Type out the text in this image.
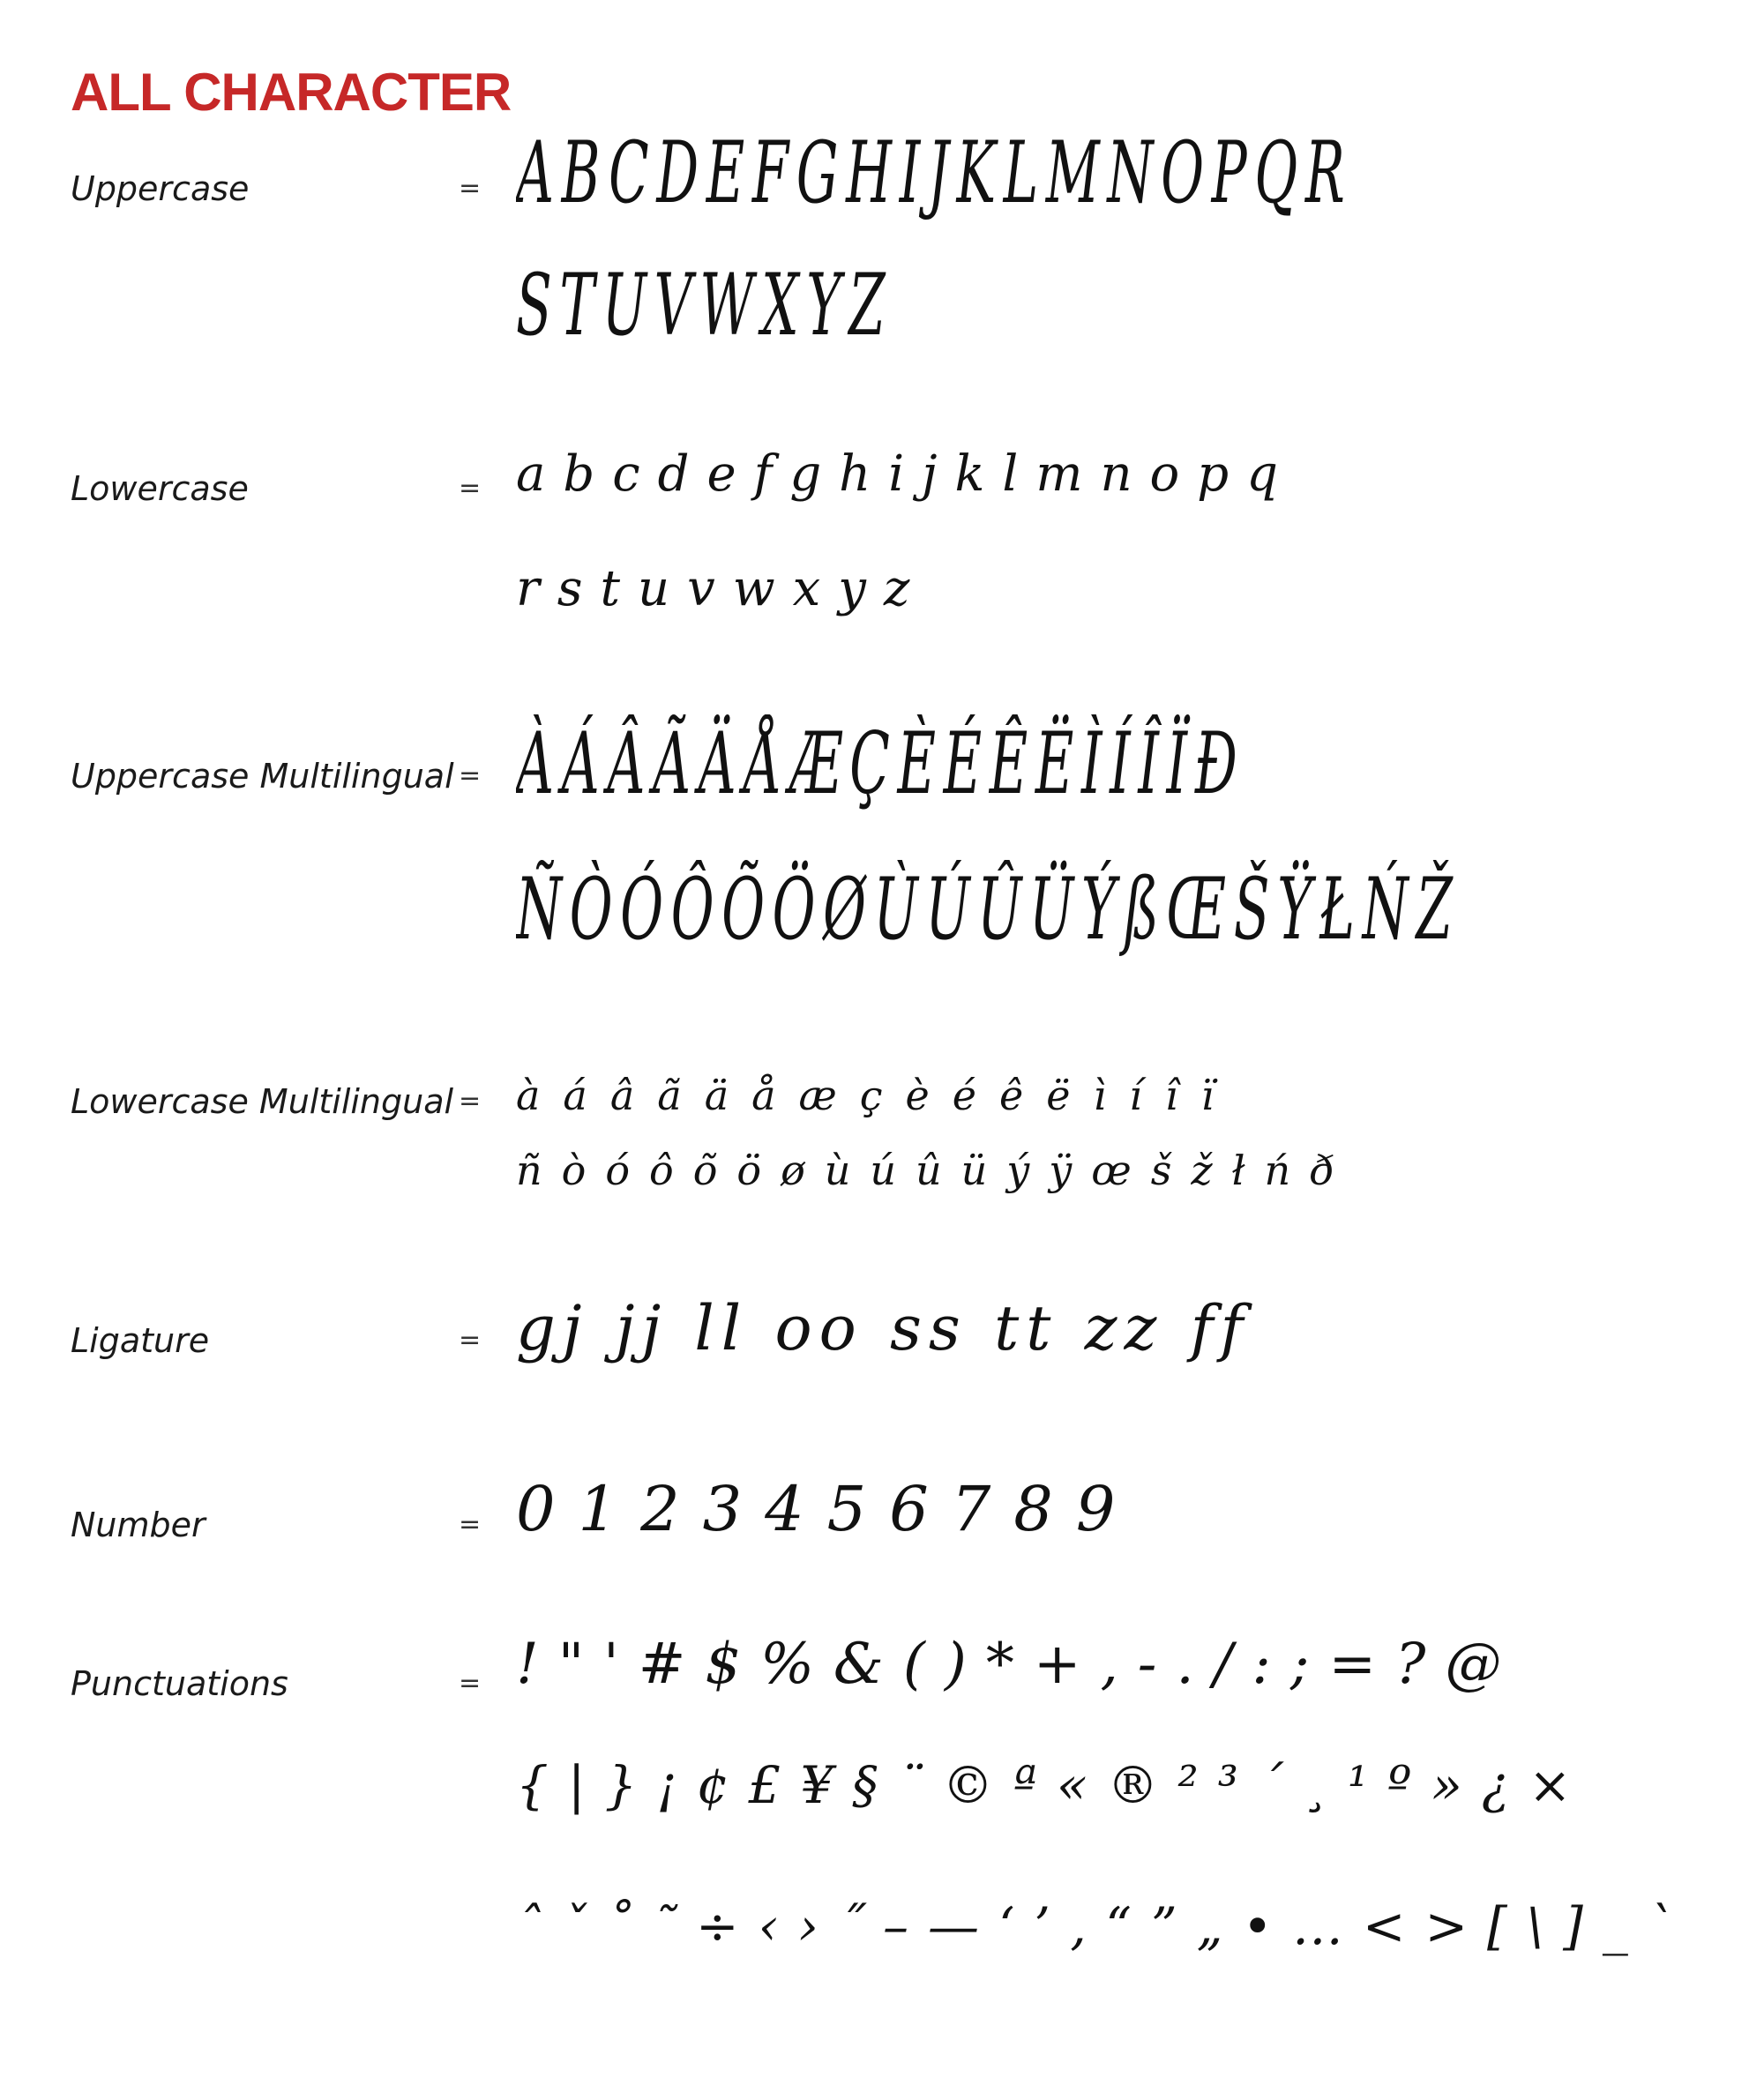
ALL CHARACTER
Uppercase	= ABCDEFGHIJKLMNOPQR
STUVWXYZ
Lowercase	= abcdefghijklmnopq
rstuvwxyz
Uppercase Multilingual = ÀÁÂÃÄÅÆÇÈÉÊËÌÍÎÏÐ
ÑÒÓÔÕÖØÙÚÛÜÝßŒŠŸŁŃŽ
Lowercase Multilingual = àáâãäåæçèéêëìíîï
ñòóôõöøùúûüýÿœšžłńð
Ligature	= gj jj ll oo ss tt zz ff
Number	= 0123456789
Punctuations	= !"'#$%&()*+,-./:;=?@
{|}¡¢£¥§¨©ª«®²³´¸¹º»¿×
ˆˇ˚˜÷‹›˝–—‘’‚“”„•…<>[\]_`
